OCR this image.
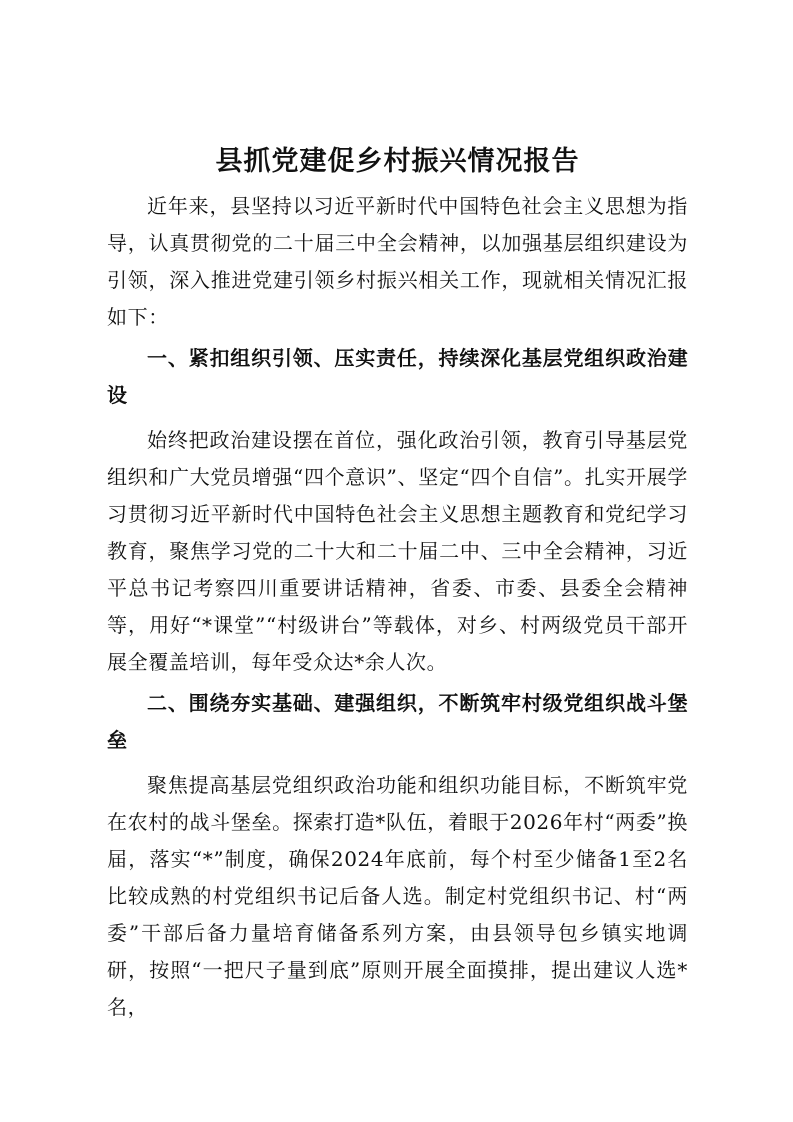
县抓党建促乡村振兴情况报告

近年来，县坚持以习近平新时代中国特色社会主义思想为指导，认真贯彻党的二十届三中全会精神，以加强基层组织建设为引领，深入推进党建引领乡村振兴相关工作，现就相关情况汇报如下：

一、紧扣组织引领、压实责任，持续深化基层党组织政治建设

始终把政治建设摆在首位，强化政治引领，教育引导基层党组织和广大党员增强“四个意识”、坚定“四个自信”。扎实开展学习贯彻习近平新时代中国特色社会主义思想主题教育和党纪学习教育，聚焦学习党的二十大和二十届二中、三中全会精神，习近平总书记考察四川重要讲话精神，省委、市委、县委全会精神等，用好“*课堂”“村级讲台”等载体，对乡、村两级党员干部开展全覆盖培训，每年受众达*余人次。

二、围绕夯实基础、建强组织，不断筑牢村级党组织战斗堡垒

聚焦提高基层党组织政治功能和组织功能目标，不断筑牢党在农村的战斗堡垒。探索打造*队伍，着眼于2026年村“两委”换届，落实“*”制度，确保2024年底前，每个村至少储备1至2名比较成熟的村党组织书记后备人选。制定村党组织书记、村“两委”干部后备力量培育储备系列方案，由县领导包乡镇实地调研，按照“一把尺子量到底”原则开展全面摸排，提出建议人选*名，
